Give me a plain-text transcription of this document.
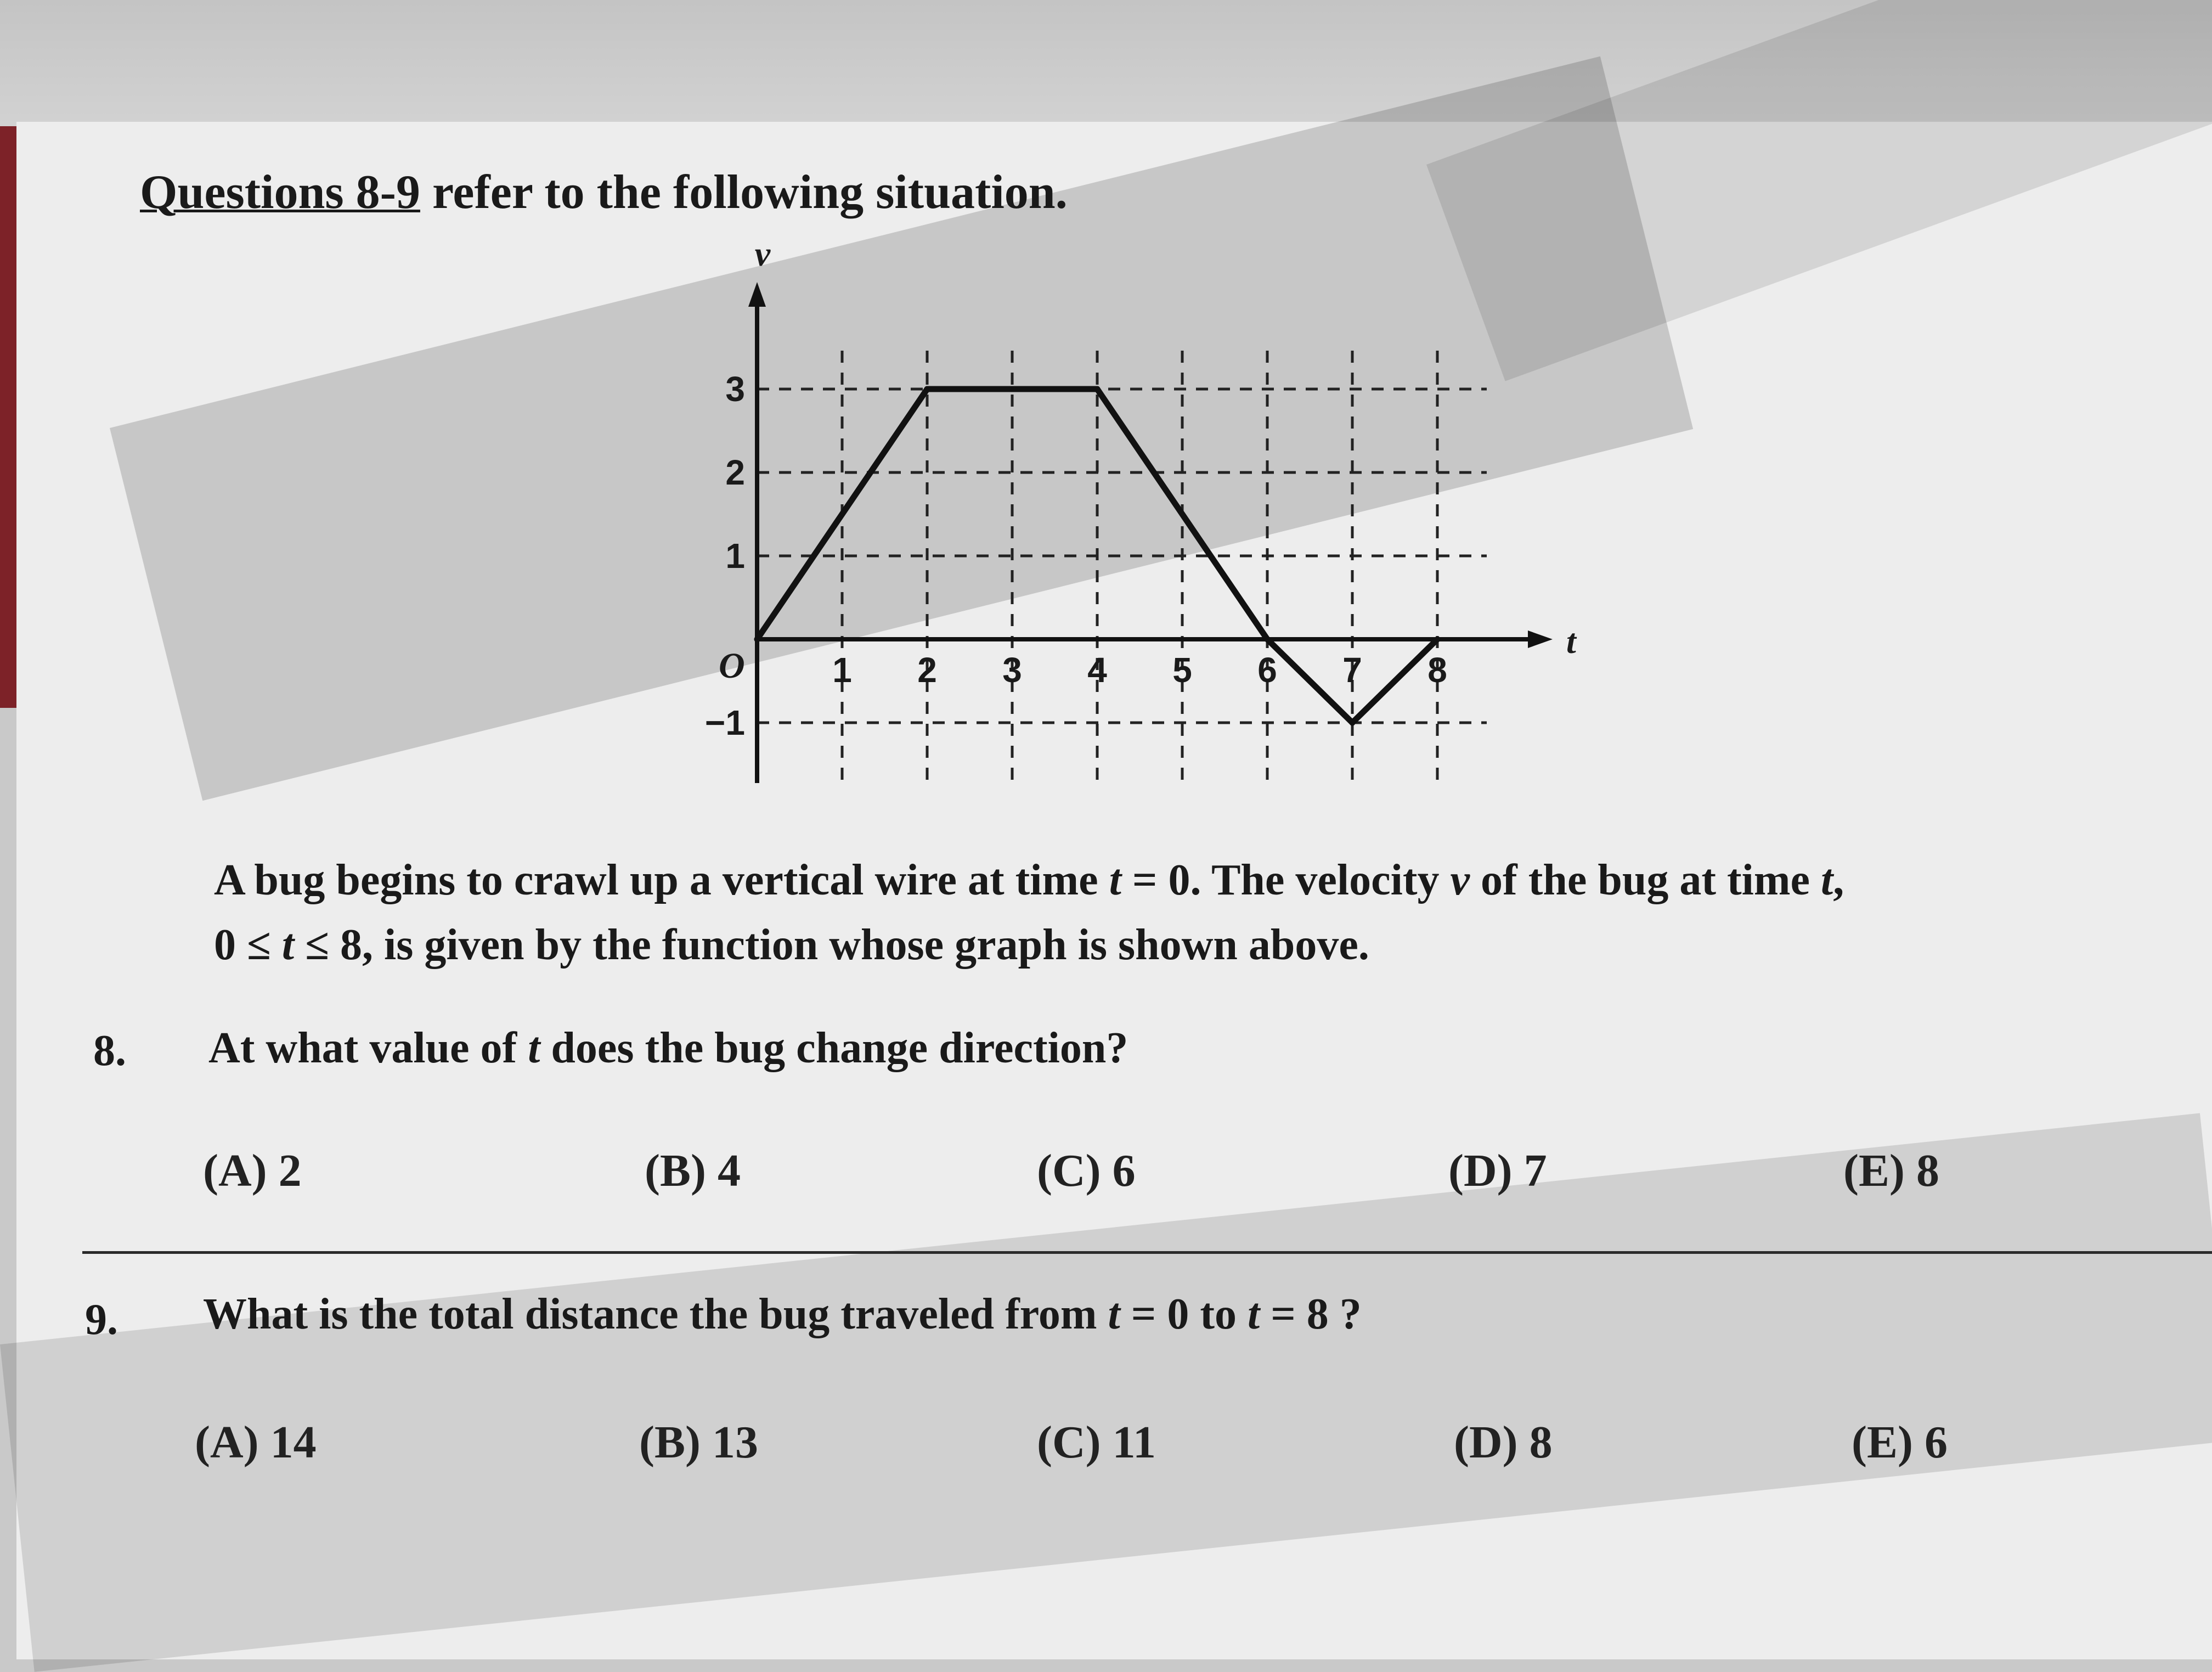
Questions 8-9 refer to the following situation.
v
t
O 1 2 3 4 5 6 7 8
−1
1
2
3
A bug begins to crawl up a vertical wire at time t = 0. The velocity v of the bug at time t,
0 ≤ t ≤ 8, is given by the function whose graph is shown above.
8. At what value of t does the bug change direction?
(A) 2	(B) 4	(C) 6	(D) 7	(E) 8
9. What is the total distance the bug traveled from t = 0 to t = 8 ?
(A) 14	(B) 13	(C) 11	(D) 8	(E) 6
